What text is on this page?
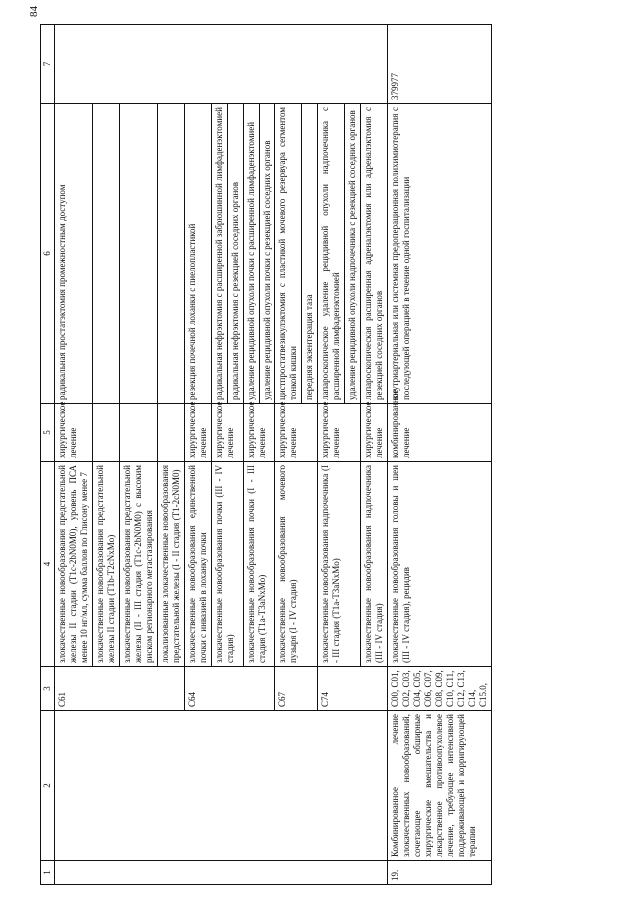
84
1	2	3	4	5	6	7
		C61	злокачественные новообразования предстательной железы II стадии (T1c-2bN0M0), уровень ПСА менее 10 нг/мл, сумма баллов по Глисону менее 7	хирургическое лечение	радикальная простатэктомия промежностным доступом	
			злокачественные новообразования предстательной железы II стадии (T1b-T2cNxMo)			
			злокачественные новообразования предстательной железы (II - III стадия (T1c-2bN0M0) с высоким риском регионарного метастазирования			
			локализованные злокачественные новообразования предстательной железы (I - II стадия (T1-2cN0M0)			
		C64	злокачественные новообразования единственной почки с инвазией в лоханку почки	хирургическое лечение	резекция почечной лоханки с пиелопластикой	
			злокачественные новообразования почки (III - IV стадия)	хирургическое лечение	радикальная нефрэктомия с расширенной забрюшинной лимфаденэктомией	
					радикальная нефрэктомия с резекцией соседних органов	
			злокачественные новообразования почки (I - III стадия (T1a-T3aNxMo)	хирургическое лечение	удаление рецидивной опухоли почки с расширенной лимфаденэктомией	
					удаление рецидивной опухоли почки с резекцией соседних органов	
		C67	злокачественные новообразования мочевого пузыря (I - IV стадия)	хирургическое лечение	цистпростатвезикулэктомия с пластикой мочевого резервуара сегментом тонкой кишки	
					передняя экзентерация таза	
		C74	злокачественные новообразования надпочечника (I - III стадия (T1a-T3aNxMo)	хирургическое лечение	лапароскопическое удаление рецидивной опухоли надпочечника с расширенной лимфаденэктомией	
					удаление рецидивной опухоли надпочечника с резекцией соседних органов	
			злокачественные новообразования надпочечника (III - IV стадия)	хирургическое лечение	лапароскопическая расширенная адреналэктомия или адреналэктомия с резекцией соседних органов	
19.	Комбинированное лечение злокачественных новообразований, сочетающее обширные хирургические вмешательства и лекарственное противоопухолевое лечение, требующее интенсивной поддерживающей и корригирующей терапии	C00, C01, C02, C03, C04, C05, C06, C07, C08, C09, C10, C11, C12, C13, C14, C15.0,	злокачественные новообразования головы и шеи (III - IV стадия), рецидив	комбинированное лечение	внутриартериальная или системная предоперационная полихимиотерапия с последующей операцией в течение одной госпитализации	379977
